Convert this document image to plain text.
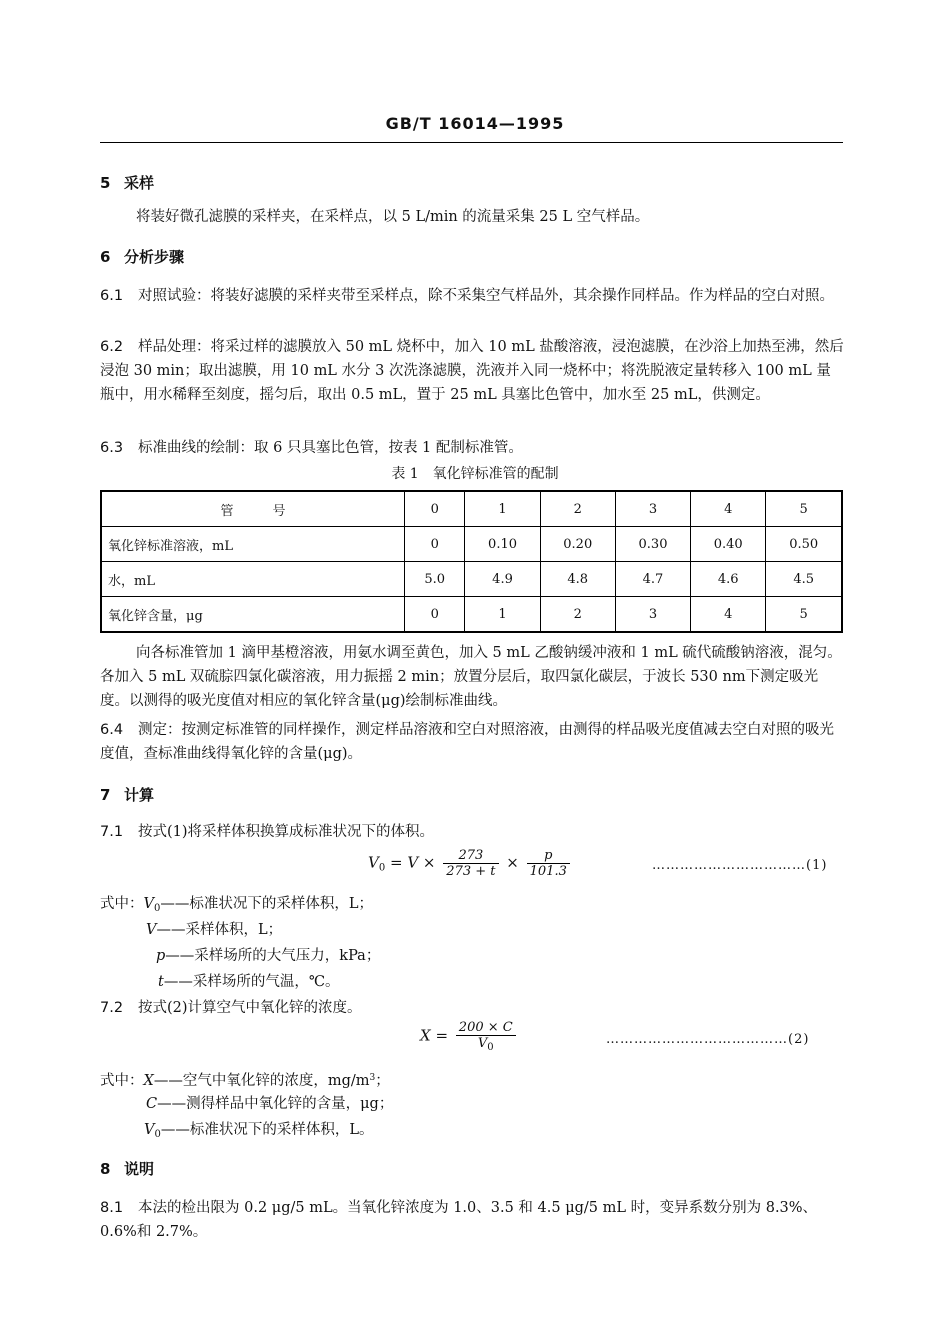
GB/T 16014—1995
5 采样
将装好微孔滤膜的采样夹，在采样点，以 5 L/min 的流量采集 25 L 空气样品。
6 分析步骤
6.1 对照试验：将装好滤膜的采样夹带至采样点，除不采集空气样品外，其余操作同样品。作为样品的空白对照。
6.2 样品处理：将采过样的滤膜放入 50 mL 烧杯中，加入 10 mL 盐酸溶液，浸泡滤膜，在沙浴上加热至沸，然后浸泡 30 min；取出滤膜，用 10 mL 水分 3 次洗涤滤膜，洗液并入同一烧杯中；将洗脱液定量转移入 100 mL 量瓶中，用水稀释至刻度，摇匀后，取出 0.5 mL，置于 25 mL 具塞比色管中，加水至 25 mL，供测定。
6.3 标准曲线的绘制：取 6 只具塞比色管，按表 1 配制标准管。
表 1　氧化锌标准管的配制
管　　　号	0	1	2	3	4	5
氧化锌标准溶液，mL	0	0.10	0.20	0.30	0.40	0.50
水，mL	5.0	4.9	4.8	4.7	4.6	4.5
氧化锌含量，μg	0	1	2	3	4	5
向各标准管加 1 滴甲基橙溶液，用氨水调至黄色，加入 5 mL 乙酸钠缓冲液和 1 mL 硫代硫酸钠溶液，混匀。各加入 5 mL 双硫腙四氯化碳溶液，用力振摇 2 min；放置分层后，取四氯化碳层，于波长 530 nm下测定吸光度。以测得的吸光度值对相应的氧化锌含量(μg)绘制标准曲线。
6.4 测定：按测定标准管的同样操作，测定样品溶液和空白对照溶液，由测得的样品吸光度值减去空白对照的吸光度值，查标准曲线得氧化锌的含量(μg)。
7 计算
7.1 按式(1)将采样体积换算成标准状况下的体积。
$V_0 = V \times \frac{273}{273 + t} \times \frac{p}{101.3}$	……………………………(1)
式中：$V_0——$标准状况下的采样体积，L；
V——采样体积，L；
p——采样场所的大气压力，kPa；
t——采样场所的气温，℃。
7.2 按式(2)计算空气中氧化锌的浓度。
$X = \frac{200 \times C}{V_0}$	…………………………………(2)
式中：X——空气中氧化锌的浓度，$mg/m^3$；
C——测得样品中氧化锌的含量，μg；
$V_0——$标准状况下的采样体积，L。
8 说明
8.1 本法的检出限为 0.2 μg/5 mL。当氧化锌浓度为 1.0、3.5 和 4.5 μg/5 mL 时，变异系数分别为 8.3%、0.6%和 2.7%。
